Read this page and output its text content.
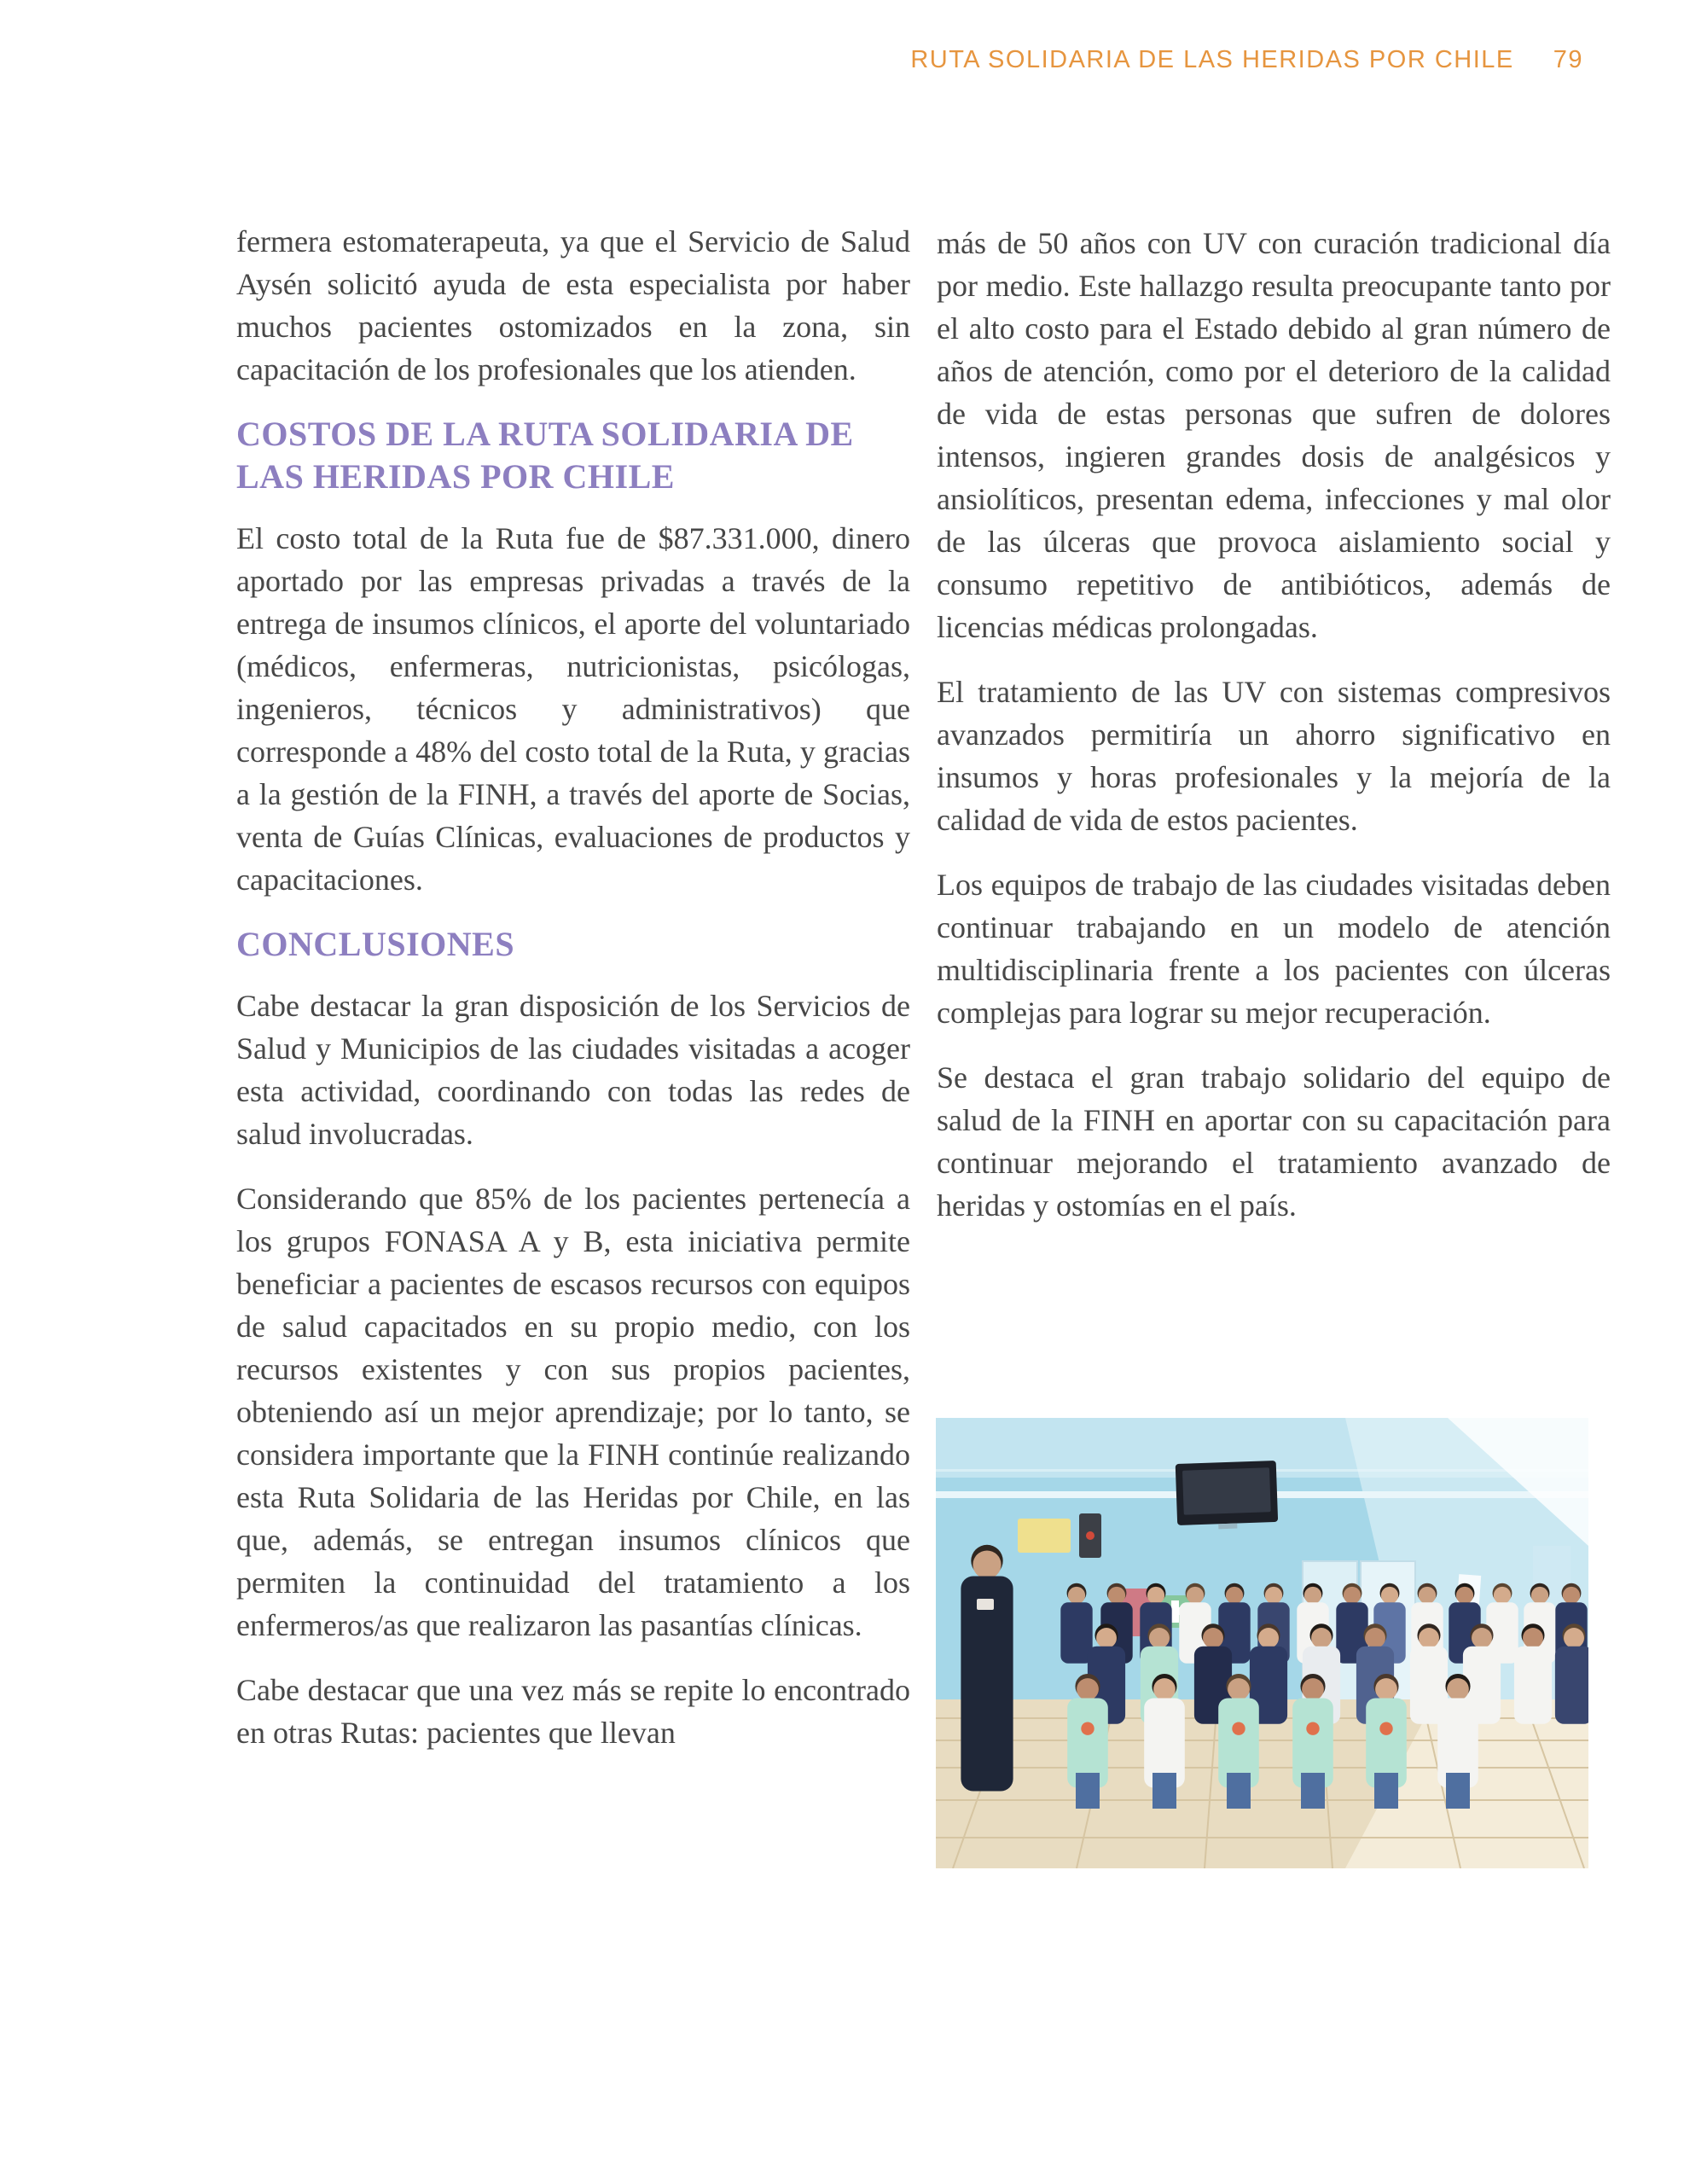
RUTA SOLIDARIA DE LAS HERIDAS POR CHILE 79

fermera estomaterapeuta, ya que el Servicio de Salud Aysén solicitó ayuda de esta especialista por haber muchos pacientes ostomizados en la zona, sin capacitación de los profesionales que los atienden.

COSTOS DE LA RUTA SOLIDARIA DE LAS HERIDAS POR CHILE

El costo total de la Ruta fue de $87.331.000, dinero aportado por las empresas privadas a través de la entrega de insumos clínicos, el aporte del voluntariado (médicos, enfermeras, nutricionistas, psicólogas, ingenieros, técnicos y administrativos) que corresponde a 48% del costo total de la Ruta, y gracias a la gestión de la FINH, a través del aporte de Socias, venta de Guías Clínicas, evaluaciones de productos y capacitaciones.

CONCLUSIONES

Cabe destacar la gran disposición de los Servicios de Salud y Municipios de las ciudades visitadas a acoger esta actividad, coordinando con todas las redes de salud involucradas.

Considerando que 85% de los pacientes pertenecía a los grupos FONASA A y B, esta iniciativa permite beneficiar a pacientes de escasos recursos con equipos de salud capacitados en su propio medio, con los recursos existentes y con sus propios pacientes, obteniendo así un mejor aprendizaje; por lo tanto, se considera importante que la FINH continúe realizando esta Ruta Solidaria de las Heridas por Chile, en las que, además, se entregan insumos clínicos que permiten la continuidad del tratamiento a los enfermeros/as que realizaron las pasantías clínicas.

Cabe destacar que una vez más se repite lo encontrado en otras Rutas: pacientes que llevan

más de 50 años con UV con curación tradicional día por medio. Este hallazgo resulta preocupante tanto por el alto costo para el Estado debido al gran número de años de atención, como por el deterioro de la calidad de vida de estas personas que sufren de dolores intensos, ingieren grandes dosis de analgésicos y ansiolíticos, presentan edema, infecciones y mal olor de las úlceras que provoca aislamiento social y consumo repetitivo de antibióticos, además de licencias médicas prolongadas.

El tratamiento de las UV con sistemas compresivos avanzados permitiría un ahorro significativo en insumos y horas profesionales y la mejoría de la calidad de vida de estos pacientes.

Los equipos de trabajo de las ciudades visitadas deben continuar trabajando en un modelo de atención multidisciplinaria frente a los pacientes con úlceras complejas para lograr su mejor recuperación.

Se destaca el gran trabajo solidario del equipo de salud de la FINH en aportar con su capacitación para continuar mejorando el tratamiento avanzado de heridas y ostomías en el país.
